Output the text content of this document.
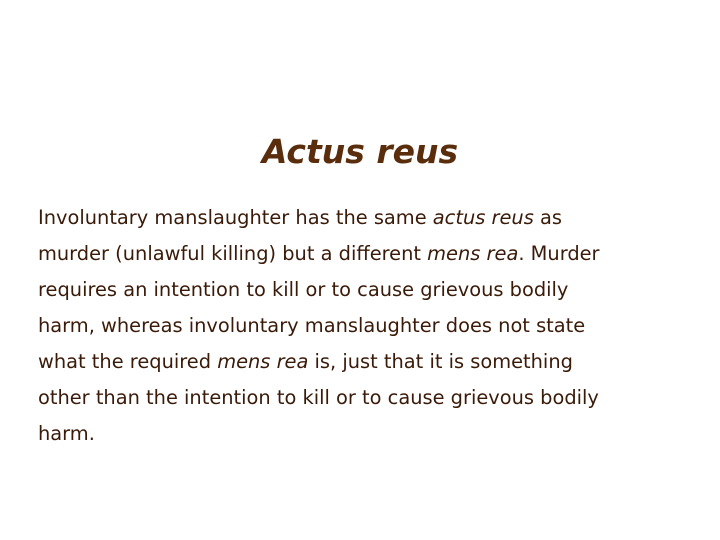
Actus reus

Involuntary manslaughter has the same actus reus as
murder (unlawful killing) but a different mens rea. Murder
requires an intention to kill or to cause grievous bodily
harm, whereas involuntary manslaughter does not state
what the required mens rea is, just that it is something
other than the intention to kill or to cause grievous bodily
harm.
